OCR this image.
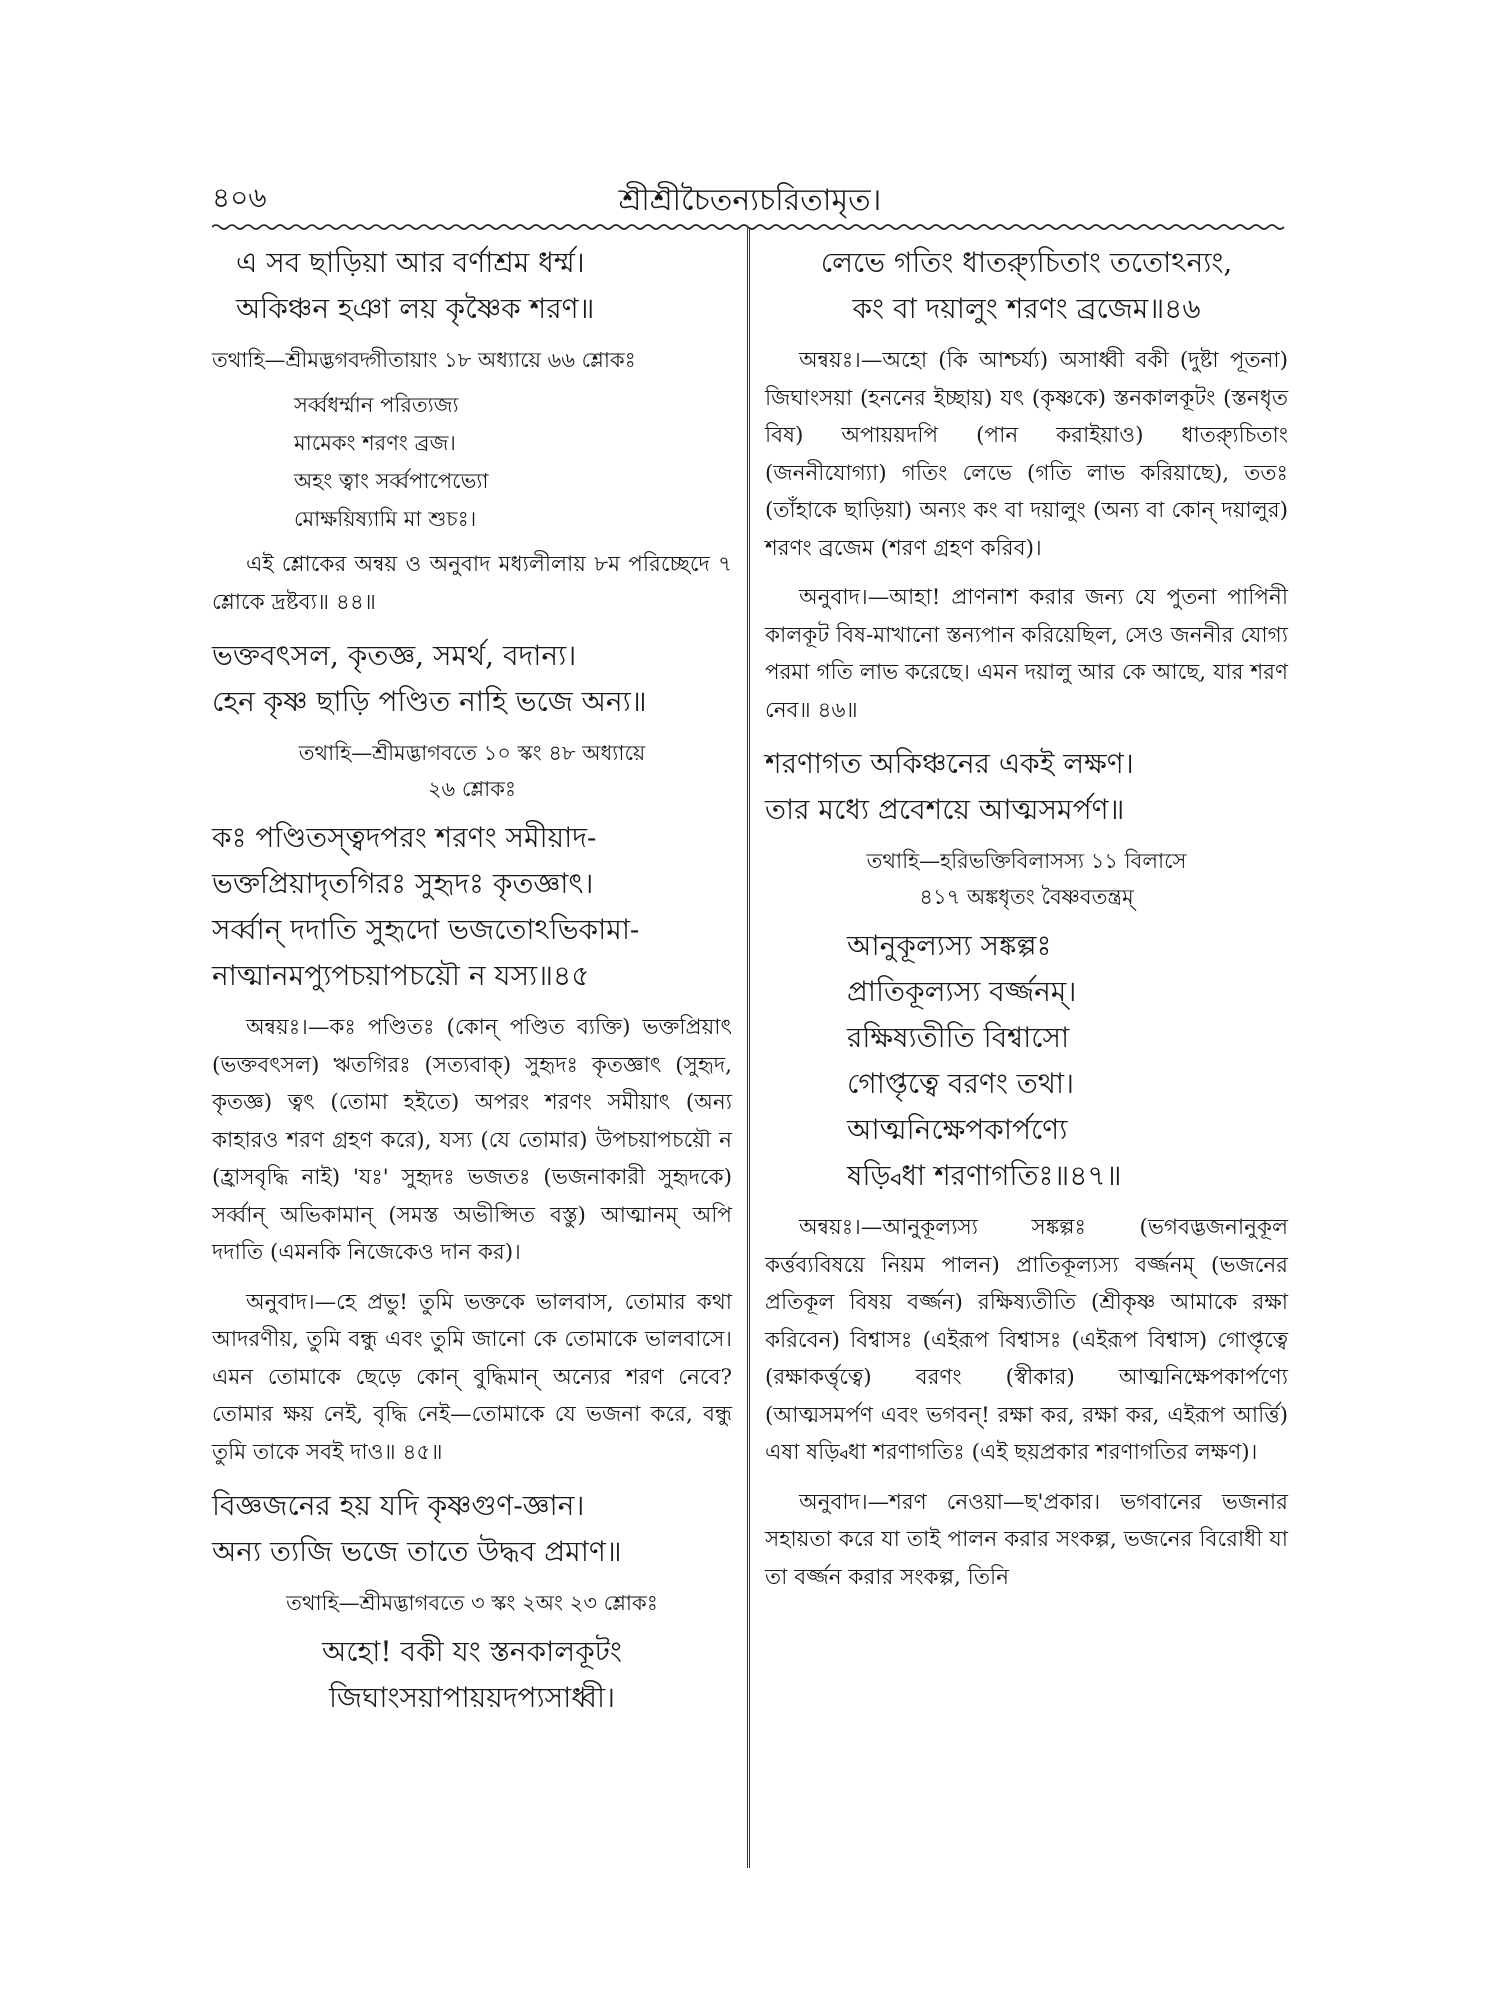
৪০৬	শ্রীশ্রীচৈতন্যচরিতামৃত।
এ সব ছাড়িয়া আর বর্ণাশ্রম ধর্ম্ম।
অকিঞ্চন হঞা লয় কৃষ্ণৈক শরণ॥
তথাহি—শ্রীমদ্ভগবদ্গীতায়াং ১৮ অধ্যায়ে ৬৬ শ্লোকঃ
সর্ব্বধর্ম্মান পরিত্যজ্য
মামেকং শরণং ব্রজ।
অহং ত্বাং সর্ব্বপাপেভ্যো
মোক্ষয়িষ্যামি মা শুচঃ।

এই শ্লোকের অন্বয় ও অনুবাদ মধ্যলীলায় ৮ম পরিচ্ছেদে ৭ শ্লোকে দ্রষ্টব্য॥ ৪৪॥

ভক্তবৎসল, কৃতজ্ঞ, সমর্থ, বদান্য।
হেন কৃষ্ণ ছাড়ি পণ্ডিত নাহি ভজে অন্য॥
তথাহি—শ্রীমদ্ভাগবতে ১০ স্কং ৪৮ অধ্যায়ে
২৬ শ্লোকঃ
কঃ পণ্ডিতস্ত্বদপরং শরণং সমীয়াদ-
ভক্তপ্রিয়াদৃতগিরঃ সুহৃদঃ কৃতজ্ঞাৎ।
সর্ব্বান্ দদাতি সুহৃদো ভজতোঽভিকামা-
নাত্মানমপ্যুপচয়াপচয়ৌ ন যস্য॥৪৫

অন্বয়ঃ।—কঃ পণ্ডিতঃ (কোন্ পণ্ডিত ব্যক্তি) ভক্তপ্রিয়াৎ (ভক্তবৎসল) ঋতগিরঃ (সত্যবাক্) সুহৃদঃ কৃতজ্ঞাৎ (সুহৃদ, কৃতজ্ঞ) ত্বৎ (তোমা হইতে) অপরং শরণং সমীয়াৎ (অন্য কাহারও শরণ গ্রহণ করে), যস্য (যে তোমার) উপচয়াপচয়ৌ ন (হ্রাসবৃদ্ধি নাই) 'যঃ' সুহৃদঃ ভজতঃ (ভজনাকারী সুহৃদকে) সর্ব্বান্ অভিকামান্ (সমস্ত অভীপ্সিত বস্তু) আত্মানম্ অপি দদাতি (এমনকি নিজেকেও দান কর)।

অনুবাদ।—হে প্রভু! তুমি ভক্তকে ভালবাস, তোমার কথা আদরণীয়, তুমি বন্ধু এবং তুমি জানো কে তোমাকে ভালবাসে। এমন তোমাকে ছেড়ে কোন্ বুদ্ধিমান্ অন্যের শরণ নেবে? তোমার ক্ষয় নেই, বৃদ্ধি নেই—তোমাকে যে ভজনা করে, বন্ধু তুমি তাকে সবই দাও॥ ৪৫॥

বিজ্ঞজনের হয় যদি কৃষ্ণগুণ-জ্ঞান।
অন্য ত্যজি ভজে তাতে উদ্ধব প্রমাণ॥
তথাহি—শ্রীমদ্ভাগবতে ৩ স্কং ২অং ২৩ শ্লোকঃ
অহো! বকী যং স্তনকালকূটং
জিঘাংসয়াপায়য়দপ্যসাধ্বী।
লেভে গতিং ধাত্র্যুচিতাং ততোঽন্যং,
কং বা দয়ালুং শরণং ব্রজেম॥৪৬

অন্বয়ঃ।—অহো (কি আশ্চর্য্য) অসাধ্বী বকী (দুষ্টা পূতনা) জিঘাংসয়া (হননের ইচ্ছায়) যৎ (কৃষ্ণকে) স্তনকালকূটং (স্তনধৃত বিষ) অপায়য়দপি (পান করাইয়াও) ধাত্র্যুচিতাং (জননীযোগ্যা) গতিং লেভে (গতি লাভ করিয়াছে), ততঃ (তাঁহাকে ছাড়িয়া) অন্যং কং বা দয়ালুং (অন্য বা কোন্ দয়ালুর) শরণং ব্রজেম (শরণ গ্রহণ করিব)।

অনুবাদ।—আহা! প্রাণনাশ করার জন্য যে পুতনা পাপিনী কালকূট বিষ-মাখানো স্তন্যপান করিয়েছিল, সেও জননীর যোগ্য পরমা গতি লাভ করেছে। এমন দয়ালু আর কে আছে, যার শরণ নেব॥ ৪৬॥

শরণাগত অকিঞ্চনের একই লক্ষণ।
তার মধ্যে প্রবেশয়ে আত্মসমর্পণ॥
তথাহি—হরিভক্তিবিলাসস্য ১১ বিলাসে
৪১৭ অঙ্কধৃতং বৈষ্ণবতন্ত্রম্
আনুকূল্যস্য সঙ্কল্পঃ
প্রাতিকূল্যস্য বর্জ্জনম্।
রক্ষিষ্যতীতি বিশ্বাসো
গোপ্তৃত্বে বরণং তথা।
আত্মনিক্ষেপকার্পণ্যে
ষড়্বিধা শরণাগতিঃ॥৪৭॥

অন্বয়ঃ।—আনুকূল্যস্য সঙ্কল্পঃ (ভগবদ্ভজনানুকূল কর্ত্তব্যবিষয়ে নিয়ম পালন) প্রাতিকূল্যস্য বর্জ্জনম্ (ভজনের প্রতিকূল বিষয় বর্জ্জন) রক্ষিষ্যতীতি (শ্রীকৃষ্ণ আমাকে রক্ষা করিবেন) বিশ্বাসঃ (এইরূপ বিশ্বাসঃ (এইরূপ বিশ্বাস) গোপ্তৃত্বে (রক্ষাকর্ত্তৃত্বে) বরণং (স্বীকার) আত্মনিক্ষেপকার্পণ্যে (আত্মসমর্পণ এবং ভগবন্! রক্ষা কর, রক্ষা কর, এইরূপ আর্ত্তি) এষা ষড়্বিধা শরণাগতিঃ (এই ছয়প্রকার শরণাগতির লক্ষণ)।

অনুবাদ।—শরণ নেওয়া—ছ'প্রকার। ভগবানের ভজনার সহায়তা করে যা তাই পালন করার সংকল্প, ভজনের বিরোধী যা তা বর্জ্জন করার সংকল্প, তিনি
